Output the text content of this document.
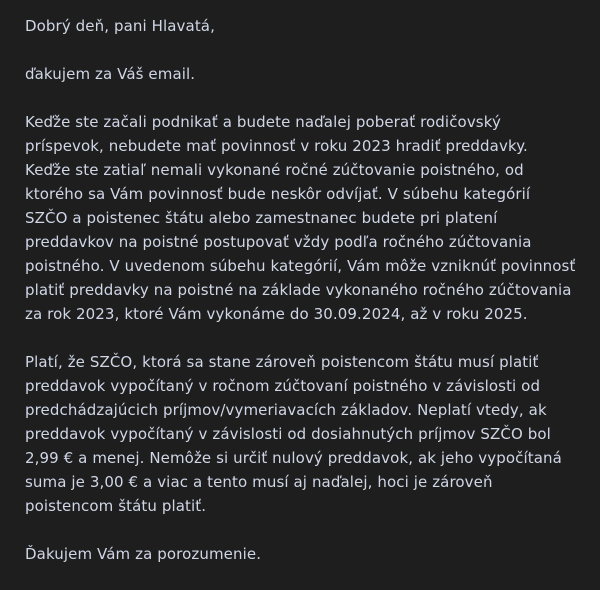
Dobrý deň, pani Hlavatá,

ďakujem za Váš email.

Keďže ste začali podnikať a budete naďalej poberať rodičovský
príspevok, nebudete mať povinnosť v roku 2023 hradiť preddavky.
Keďže ste zatiaľ nemali vykonané ročné zúčtovanie poistného, od
ktorého sa Vám povinnosť bude neskôr odvíjať. V súbehu kategórií
SZČO a poistenec štátu alebo zamestnanec budete pri platení
preddavkov na poistné postupovať vždy podľa ročného zúčtovania
poistného. V uvedenom súbehu kategórií, Vám môže vzniknúť povinnosť
platiť preddavky na poistné na základe vykonaného ročného zúčtovania
za rok 2023, ktoré Vám vykonáme do 30.09.2024, až v roku 2025.

Platí, že SZČO, ktorá sa stane zároveň poistencom štátu musí platiť
preddavok vypočítaný v ročnom zúčtovaní poistného v závislosti od
predchádzajúcich príjmov/vymeriavacích základov. Neplatí vtedy, ak
preddavok vypočítaný v závislosti od dosiahnutých príjmov SZČO bol
2,99 € a menej. Nemôže si určiť nulový preddavok, ak jeho vypočítaná
suma je 3,00 € a viac a tento musí aj naďalej, hoci je zároveň
poistencom štátu platiť.

Ďakujem Vám za porozumenie.
